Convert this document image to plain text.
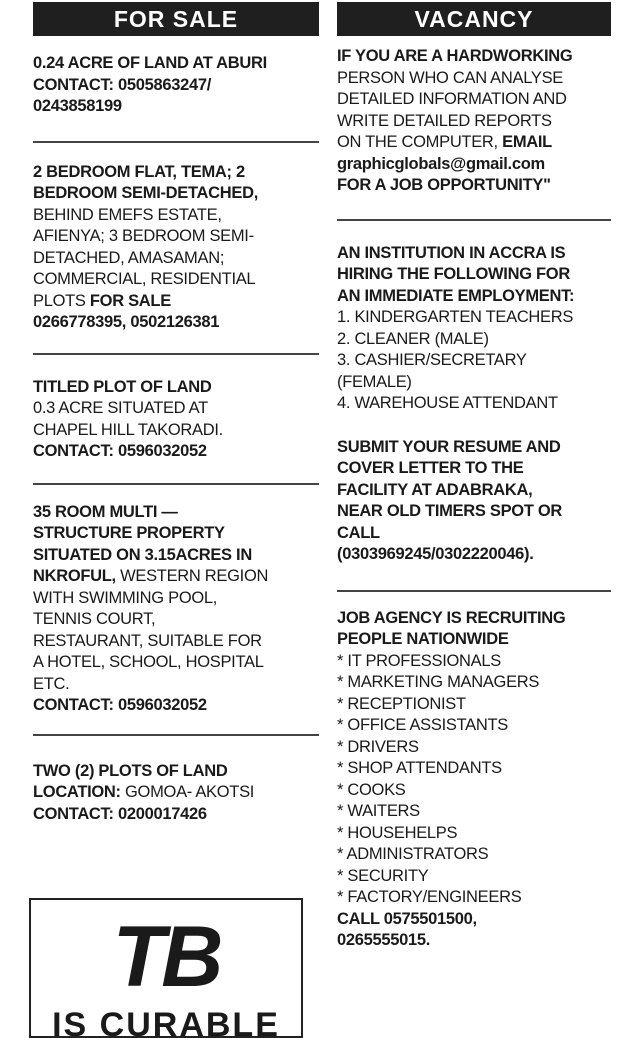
FOR SALE
0.24 ACRE OF LAND AT ABURI
CONTACT: 0505863247/
0243858199
2 BEDROOM FLAT, TEMA; 2
BEDROOM SEMI-DETACHED,
BEHIND EMEFS ESTATE,
AFIENYA; 3 BEDROOM SEMI-
DETACHED, AMASAMAN;
COMMERCIAL, RESIDENTIAL
PLOTS FOR SALE
0266778395, 0502126381
TITLED PLOT OF LAND
0.3 ACRE SITUATED AT
CHAPEL HILL TAKORADI.
CONTACT: 0596032052
35 ROOM MULTI —
STRUCTURE PROPERTY
SITUATED ON 3.15ACRES IN
NKROFUL, WESTERN REGION
WITH SWIMMING POOL,
TENNIS COURT,
RESTAURANT, SUITABLE FOR
A HOTEL, SCHOOL, HOSPITAL
ETC.
CONTACT: 0596032052
TWO (2) PLOTS OF LAND
LOCATION: GOMOA- AKOTSI
CONTACT: 0200017426
TB
IS CURABLE
VACANCY
IF YOU ARE A HARDWORKING
PERSON WHO CAN ANALYSE
DETAILED INFORMATION AND
WRITE DETAILED REPORTS
ON THE COMPUTER, EMAIL
graphicglobals@gmail.com
FOR A JOB OPPORTUNITY"
AN INSTITUTION IN ACCRA IS
HIRING THE FOLLOWING FOR
AN IMMEDIATE EMPLOYMENT:
1. KINDERGARTEN TEACHERS
2. CLEANER (MALE)
3. CASHIER/SECRETARY
(FEMALE)
4. WAREHOUSE ATTENDANT
SUBMIT YOUR RESUME AND
COVER LETTER TO THE
FACILITY AT ADABRAKA,
NEAR OLD TIMERS SPOT OR
CALL
(0303969245/0302220046).
JOB AGENCY IS RECRUITING
PEOPLE NATIONWIDE
* IT PROFESSIONALS
* MARKETING MANAGERS
* RECEPTIONIST
* OFFICE ASSISTANTS
* DRIVERS
* SHOP ATTENDANTS
* COOKS
* WAITERS
* HOUSEHELPS
* ADMINISTRATORS
* SECURITY
* FACTORY/ENGINEERS
CALL 0575501500,
0265555015.
